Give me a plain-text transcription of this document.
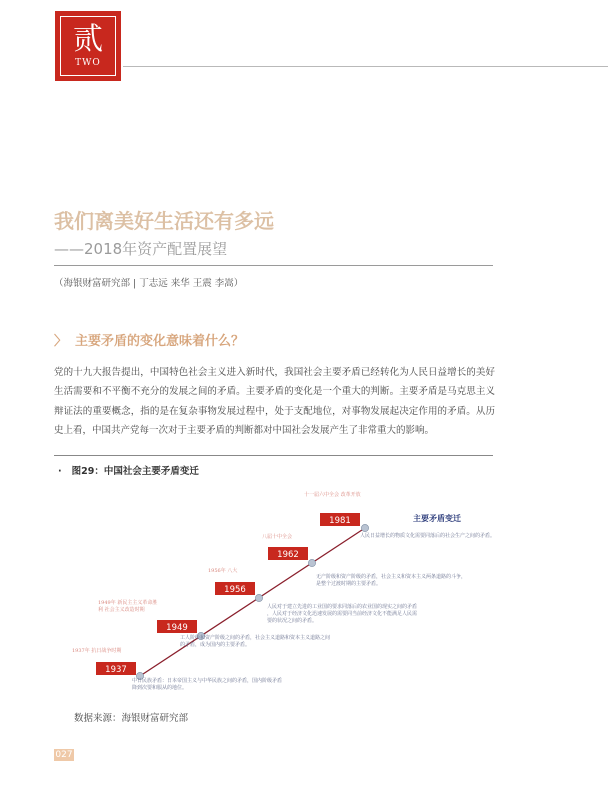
贰
TWO
我们离美好生活还有多远
——2018年资产配置展望
（海银财富研究部 | 丁志远 来华 王震 李嵩）
〉 主要矛盾的变化意味着什么？
党的十九大报告提出，中国特色社会主义进入新时代，我国社会主要矛盾已经转化为人民日益增长的美好生活需要和不平衡不充分的发展之间的矛盾。主要矛盾的变化是一个重大的判断。主要矛盾是马克思主义辩证法的重要概念，指的是在复杂事物发展过程中，处于支配地位，对事物发展起决定作用的矛盾。从历史上看，中国共产党每一次对于主要矛盾的判断都对中国社会发展产生了非常重大的影响。
· 图29：中国社会主要矛盾变迁
主要矛盾变迁
1937
1937年 抗日战争时期
中日民族矛盾：日本帝国主义与中华民族之间的矛盾，国内阶级矛盾降到次要和服从的地位。
1949
1949年 新民主主义革命胜利 社会主义改造时期
工人阶级和资产阶级之间的矛盾，社会主义道路和资本主义道路之间的矛盾，成为国内的主要矛盾。
1956
1956年 八大
人民对于建立先进的工业国的要求同落后的农业国的现实之间的矛盾，人民对于经济文化迅速发展的需要同当前经济文化不能满足人民需要的状况之间的矛盾。
1962
八届十中全会
无产阶级和资产阶级的矛盾，社会主义和资本主义两条道路的斗争，是整个过渡时期的主要矛盾。
1981
十一届六中全会 改革开放
人民日益增长的物质文化需要同落后的社会生产之间的矛盾。
数据来源：海银财富研究部
027
